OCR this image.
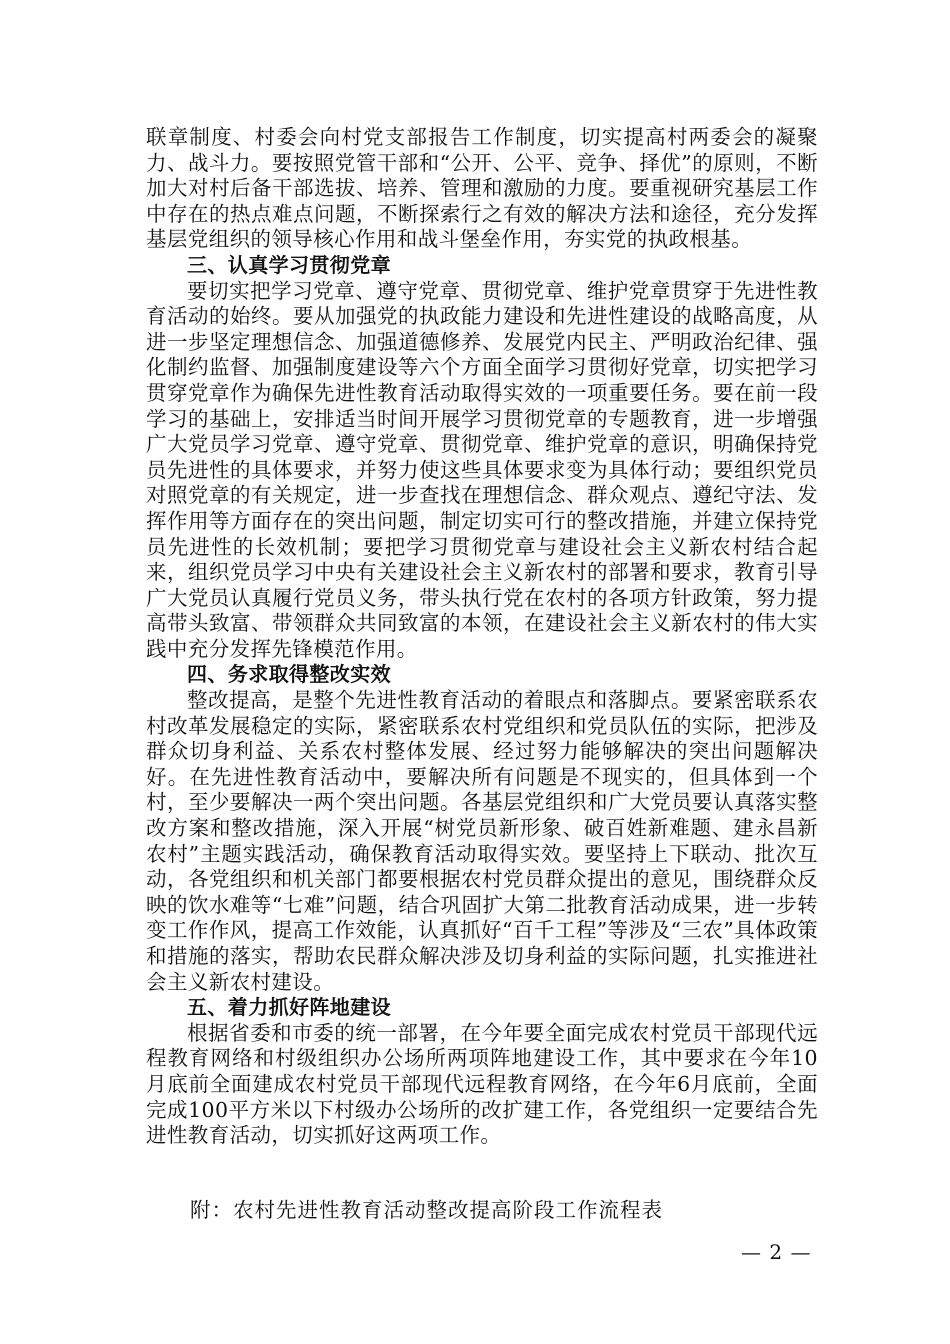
联章制度、村委会向村党支部报告工作制度，切实提高村两委会的凝聚力、战斗力。要按照党管干部和“公开、公平、竞争、择优”的原则，不断加大对村后备干部选拔、培养、管理和激励的力度。要重视研究基层工作中存在的热点难点问题，不断探索行之有效的解决方法和途径，充分发挥基层党组织的领导核心作用和战斗堡垒作用，夯实党的执政根基。

三、认真学习贯彻党章

要切实把学习党章、遵守党章、贯彻党章、维护党章贯穿于先进性教育活动的始终。要从加强党的执政能力建设和先进性建设的战略高度，从进一步坚定理想信念、加强道德修养、发展党内民主、严明政治纪律、强化制约监督、加强制度建设等六个方面全面学习贯彻好党章，切实把学习贯穿党章作为确保先进性教育活动取得实效的一项重要任务。要在前一段学习的基础上，安排适当时间开展学习贯彻党章的专题教育，进一步增强广大党员学习党章、遵守党章、贯彻党章、维护党章的意识，明确保持党员先进性的具体要求，并努力使这些具体要求变为具体行动；要组织党员对照党章的有关规定，进一步查找在理想信念、群众观点、遵纪守法、发挥作用等方面存在的突出问题，制定切实可行的整改措施，并建立保持党员先进性的长效机制；要把学习贯彻党章与建设社会主义新农村结合起来，组织党员学习中央有关建设社会主义新农村的部署和要求，教育引导广大党员认真履行党员义务，带头执行党在农村的各项方针政策，努力提高带头致富、带领群众共同致富的本领，在建设社会主义新农村的伟大实践中充分发挥先锋模范作用。

四、务求取得整改实效

整改提高，是整个先进性教育活动的着眼点和落脚点。要紧密联系农村改革发展稳定的实际，紧密联系农村党组织和党员队伍的实际，把涉及群众切身利益、关系农村整体发展、经过努力能够解决的突出问题解决好。在先进性教育活动中，要解决所有问题是不现实的，但具体到一个村，至少要解决一两个突出问题。各基层党组织和广大党员要认真落实整改方案和整改措施，深入开展“树党员新形象、破百姓新难题、建永昌新农村”主题实践活动，确保教育活动取得实效。要坚持上下联动、批次互动，各党组织和机关部门都要根据农村党员群众提出的意见，围绕群众反映的饮水难等“七难”问题，结合巩固扩大第二批教育活动成果，进一步转变工作作风，提高工作效能，认真抓好“百千工程”等涉及“三农”具体政策和措施的落实，帮助农民群众解决涉及切身利益的实际问题，扎实推进社会主义新农村建设。

五、着力抓好阵地建设

根据省委和市委的统一部署，在今年要全面完成农村党员干部现代远程教育网络和村级组织办公场所两项阵地建设工作，其中要求在今年10月底前全面建成农村党员干部现代远程教育网络，在今年6月底前，全面完成100平方米以下村级办公场所的改扩建工作，各党组织一定要结合先进性教育活动，切实抓好这两项工作。

附：农村先进性教育活动整改提高阶段工作流程表
— 2 —
